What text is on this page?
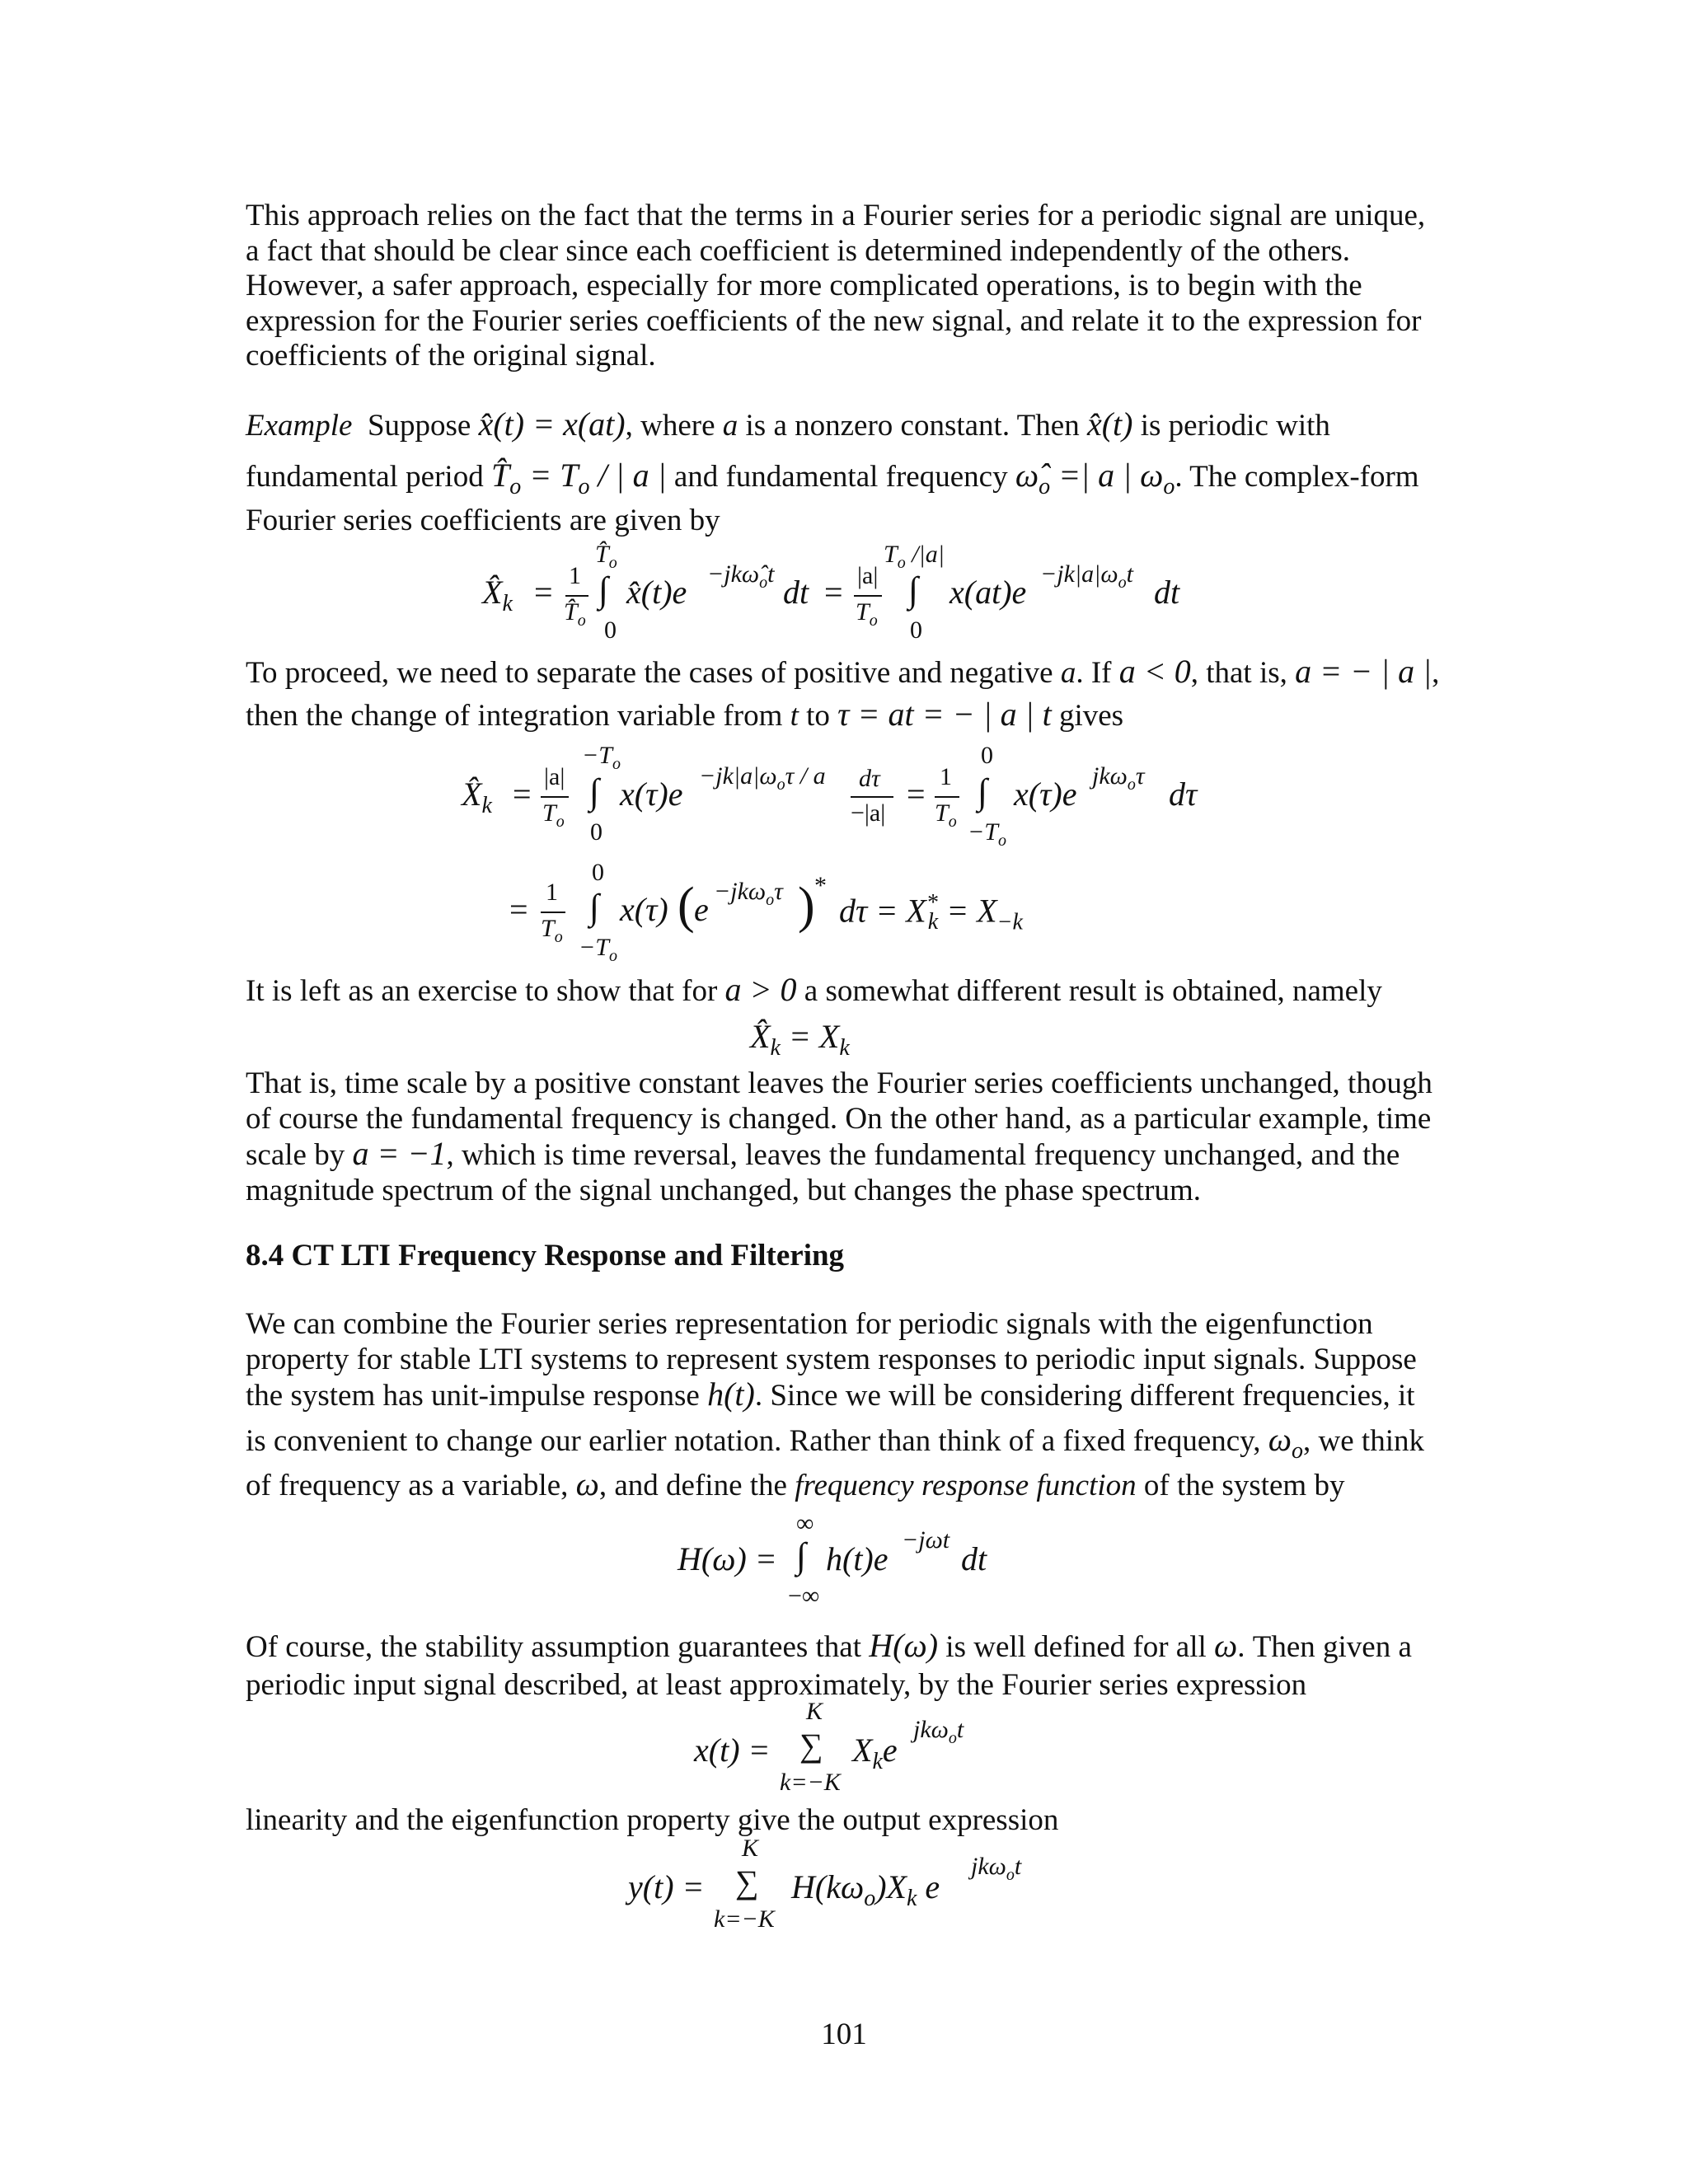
This approach relies on the fact that the terms in a Fourier series for a periodic signal are unique,
a fact that should be clear since each coefficient is determined independently of the others.
However, a safer approach, especially for more complicated operations, is to begin with the
expression for the Fourier series coefficients of the new signal, and relate it to the expression for
coefficients of the original signal.
Example Suppose x̂(t) = x(at), where a is a nonzero constant. Then x̂(t) is periodic with
fundamental period $T̂_o = T_o$ / | a | and fundamental frequency $\omegâ_o$ =| a | $\omega_o$. The complex-form
Fourier series coefficients are given by
$X̂_k = 1$
$T̂_o$
$T̂_o$
∫
0
x̂(t)e $-jk\omegâ_ot$ dt = |a|
$T_o$
$T_o$ /|a|
∫
0
$x(at)e -jk|a|\omega_ot$ dt
To proceed, we need to separate the cases of positive and negative a. If a < 0, that is, a = − | a |,
then the change of integration variable from t to τ = at = − | a | t gives
$X̂_k = |a|$
$T_o$
$-T_o$
∫
0
$x(\tau)e -jk|a|\omega_o\tau / a$ dτ
−|a|
= 1
$T_o$
0
∫
$-T_o$
x(τ)e jkω$_o$τ dτ
= 1
$T_o$
0
∫
$-T_o$
x(τ) ( e −jkω$_o$τ ) *
$d\tau = X^*_k = X_{-k}$
It is left as an exercise to show that for a > 0 a somewhat different result is obtained, namely
$X̂_k = X_k$
That is, time scale by a positive constant leaves the Fourier series coefficients unchanged, though
of course the fundamental frequency is changed. On the other hand, as a particular example, time
scale by a = −1, which is time reversal, leaves the fundamental frequency unchanged, and the
magnitude spectrum of the signal unchanged, but changes the phase spectrum.
8.4 CT LTI Frequency Response and Filtering
We can combine the Fourier series representation for periodic signals with the eigenfunction
property for stable LTI systems to represent system responses to periodic input signals. Suppose
the system has unit-impulse response h(t). Since we will be considering different frequencies, it
is convenient to change our earlier notation. Rather than think of a fixed frequency, $\omega_o$, we think
of frequency as a variable, ω, and define the frequency response function of the system by
∞
H(ω) = ∫
−∞
h(t)e
−jωt
dt
Of course, the stability assumption guarantees that H(ω) is well defined for all ω. Then given a
periodic input signal described, at least approximately, by the Fourier series expression
K
x(t) = ∑
k=−K
$X_ke$
jkω$_o$t
linearity and the eigenfunction property give the output expression
K
y(t) = ∑
k=−K
$H(k\omega_o)X_k$ e
jkω$_o$t
101
